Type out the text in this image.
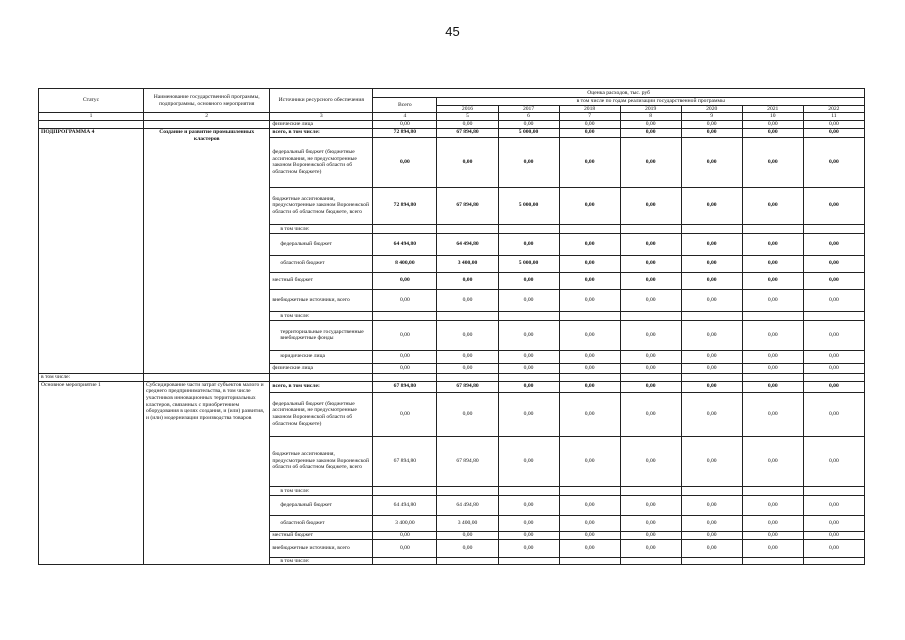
45
Статус	Наименование государственной программы, подпрограммы, основного мероприятия	Источники ресурсного обеспечения	Оценка расходов, тыс. руб							
			Всего	в том числе по годам реализации государственной программы						
				2016	2017	2018	2019	2020	2021	2022
1	2	3	4	5	6	7	8	9	10	11
		физические лица	0,00	0,00	0,00	0,00	0,00	0,00	0,00	0,00
ПОДПРОГРАММА 4	Создание и развитие промышленных кластеров	всего, в том числе:	72 894,80	67 894,80	5 000,00	0,00	0,00	0,00	0,00	0,00
		федеральный бюджет (бюджетные ассигнования, не предусмотренные законом Воронежской области об областном бюджете)	0,00	0,00	0,00	0,00	0,00	0,00	0,00	0,00
		бюджетные ассигнования, предусмотренные законом Воронежской области об областном бюджете, всего	72 894,80	67 894,80	5 000,00	0,00	0,00	0,00	0,00	0,00
		в том числе:								
		федеральный бюджет	64 494,80	64 494,80	0,00	0,00	0,00	0,00	0,00	0,00
		областной бюджет	8 400,00	3 400,00	5 000,00	0,00	0,00	0,00	0,00	0,00
		местный бюджет	0,00	0,00	0,00	0,00	0,00	0,00	0,00	0,00
		внебюджетные источники, всего	0,00	0,00	0,00	0,00	0,00	0,00	0,00	0,00
		в том числе:								
		территориальные государственные внебюджетные фонды	0,00	0,00	0,00	0,00	0,00	0,00	0,00	0,00
		юридические лица	0,00	0,00	0,00	0,00	0,00	0,00	0,00	0,00
		физические лица	0,00	0,00	0,00	0,00	0,00	0,00	0,00	0,00
в том числе:										
Основное мероприятие 1	Субсидирование части затрат субъектов малого и среднего предпринимательства, в том числе участников инновационных территориальных кластеров, связанных с приобретением оборудования в целях создания, и (или) развития, и (или) модернизации производства товаров	всего, в том числе:	67 894,80	67 894,80	0,00	0,00	0,00	0,00	0,00	0,00
		федеральный бюджет (бюджетные ассигнования, не предусмотренные законом Воронежской области об областном бюджете)	0,00	0,00	0,00	0,00	0,00	0,00	0,00	0,00
		бюджетные ассигнования, предусмотренные законом Воронежской области об областном бюджете, всего	67 894,80	67 894,80	0,00	0,00	0,00	0,00	0,00	0,00
		в том числе:								
		федеральный бюджет	64 494,80	64 494,80	0,00	0,00	0,00	0,00	0,00	0,00
		областной бюджет	3 400,00	3 400,00	0,00	0,00	0,00	0,00	0,00	0,00
		местный бюджет	0,00	0,00	0,00	0,00	0,00	0,00	0,00	0,00
		внебюджетные источники, всего	0,00	0,00	0,00	0,00	0,00	0,00	0,00	0,00
		в том числе:								
